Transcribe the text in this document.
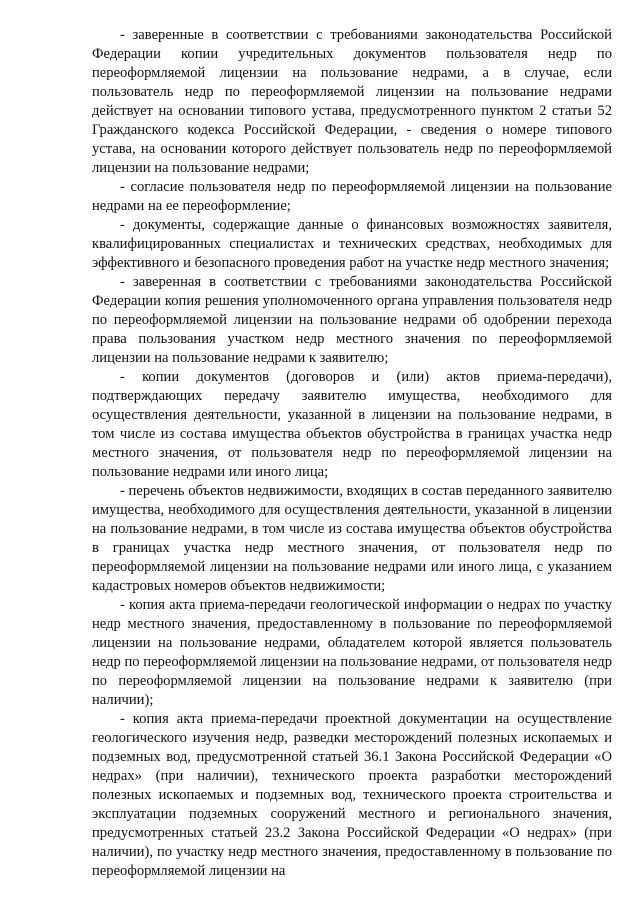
- заверенные в соответствии с требованиями законодательства Российской Федерации копии учредительных документов пользователя недр по переоформляемой лицензии на пользование недрами, а в случае, если пользователь недр по переоформляемой лицензии на пользование недрами действует на основании типового устава, предусмотренного пунктом 2 статьи 52 Гражданского кодекса Российской Федерации, - сведения о номере типового устава, на основании которого действует пользователь недр по переоформляемой лицензии на пользование недрами;

- согласие пользователя недр по переоформляемой лицензии на пользование недрами на ее переоформление;

- документы, содержащие данные о финансовых возможностях заявителя, квалифицированных специалистах и технических средствах, необходимых для эффективного и безопасного проведения работ на участке недр местного значения;

- заверенная в соответствии с требованиями законодательства Российской Федерации копия решения уполномоченного органа управления пользователя недр по переоформляемой лицензии на пользование недрами об одобрении перехода права пользования участком недр местного значения по переоформляемой лицензии на пользование недрами к заявителю;

- копии документов (договоров и (или) актов приема-передачи), подтверждающих передачу заявителю имущества, необходимого для осуществления деятельности, указанной в лицензии на пользование недрами, в том числе из состава имущества объектов обустройства в границах участка недр местного значения, от пользователя недр по переоформляемой лицензии на пользование недрами или иного лица;

- перечень объектов недвижимости, входящих в состав переданного заявителю имущества, необходимого для осуществления деятельности, указанной в лицензии на пользование недрами, в том числе из состава имущества объектов обустройства в границах участка недр местного значения, от пользователя недр по переоформляемой лицензии на пользование недрами или иного лица, с указанием кадастровых номеров объектов недвижимости;

- копия акта приема-передачи геологической информации о недрах по участку недр местного значения, предоставленному в пользование по переоформляемой лицензии на пользование недрами, обладателем которой является пользователь недр по переоформляемой лицензии на пользование недрами, от пользователя недр по переоформляемой лицензии на пользование недрами к заявителю (при наличии);

- копия акта приема-передачи проектной документации на осуществление геологического изучения недр, разведки месторождений полезных ископаемых и подземных вод, предусмотренной статьей 36.1 Закона Российской Федерации «О недрах» (при наличии), технического проекта разработки месторождений полезных ископаемых и подземных вод, технического проекта строительства и эксплуатации подземных сооружений местного и регионального значения, предусмотренных статьей 23.2 Закона Российской Федерации «О недрах» (при наличии), по участку недр местного значения, предоставленному в пользование по переоформляемой лицензии на
